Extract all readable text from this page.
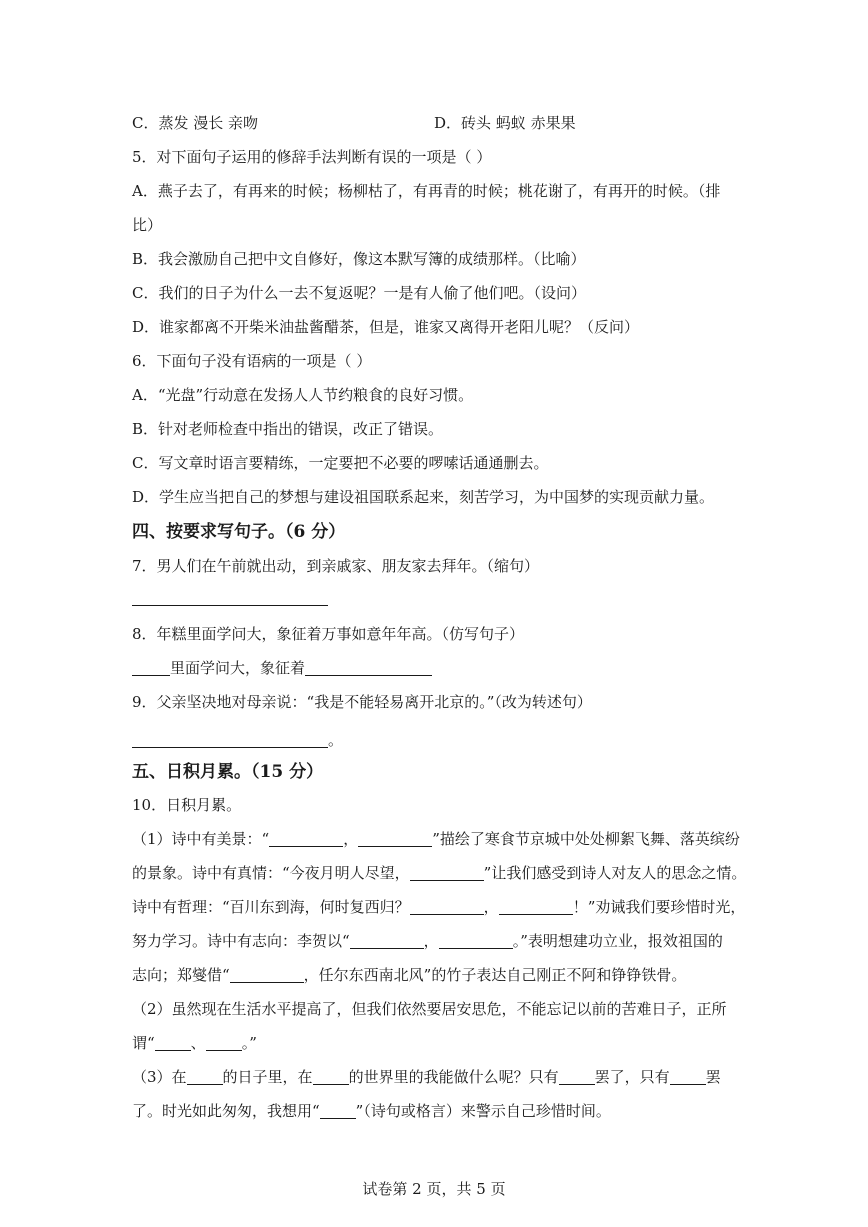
C．蒸发 漫长 亲吻	D．砖头 蚂蚁 赤果果
5．对下面句子运用的修辞手法判断有误的一项是（ ）
A．燕子去了，有再来的时候；杨柳枯了，有再青的时候；桃花谢了，有再开的时候。（排
比）
B．我会激励自己把中文自修好，像这本默写簿的成绩那样。（比喻）
C．我们的日子为什么一去不复返呢？一是有人偷了他们吧。（设问）
D．谁家都离不开柴米油盐酱醋茶，但是，谁家又离得开老阳儿呢？（反问）
6．下面句子没有语病的一项是（ ）
A．“光盘”行动意在发扬人人节约粮食的良好习惯。
B．针对老师检查中指出的错误，改正了错误。
C．写文章时语言要精练，一定要把不必要的啰嗦话通通删去。
D．学生应当把自己的梦想与建设祖国联系起来，刻苦学习，为中国梦的实现贡献力量。
四、按要求写句子。（6 分）
7．男人们在午前就出动，到亲戚家、朋友家去拜年。（缩句）
8．年糕里面学问大，象征着万事如意年年高。（仿写句子）
里面学问大，象征着
9．父亲坚决地对母亲说：“我是不能轻易离开北京的。”（改为转述句）
。
五、日积月累。（15 分）
10．日积月累。
（1）诗中有美景：“	，	”描绘了寒食节京城中处处柳絮飞舞、落英缤纷
的景象。诗中有真情：“今夜月明人尽望，	”让我们感受到诗人对友人的思念之情。
诗中有哲理：“百川东到海，何时复西归？	，	！”劝诫我们要珍惜时光，
努力学习。诗中有志向：李贺以“	，	。”表明想建功立业，报效祖国的
志向；郑燮借“	，任尔东西南北风”的竹子表达自己刚正不阿和铮铮铁骨。
（2）虽然现在生活水平提高了，但我们依然要居安思危，不能忘记以前的苦难日子，正所
谓“ 、 。”
（3）在 的日子里，在 的世界里的我能做什么呢？只有 罢了，只有 罢
了。时光如此匆匆，我想用“ ”（诗句或格言）来警示自己珍惜时间。
试卷第 2 页，共 5 页
